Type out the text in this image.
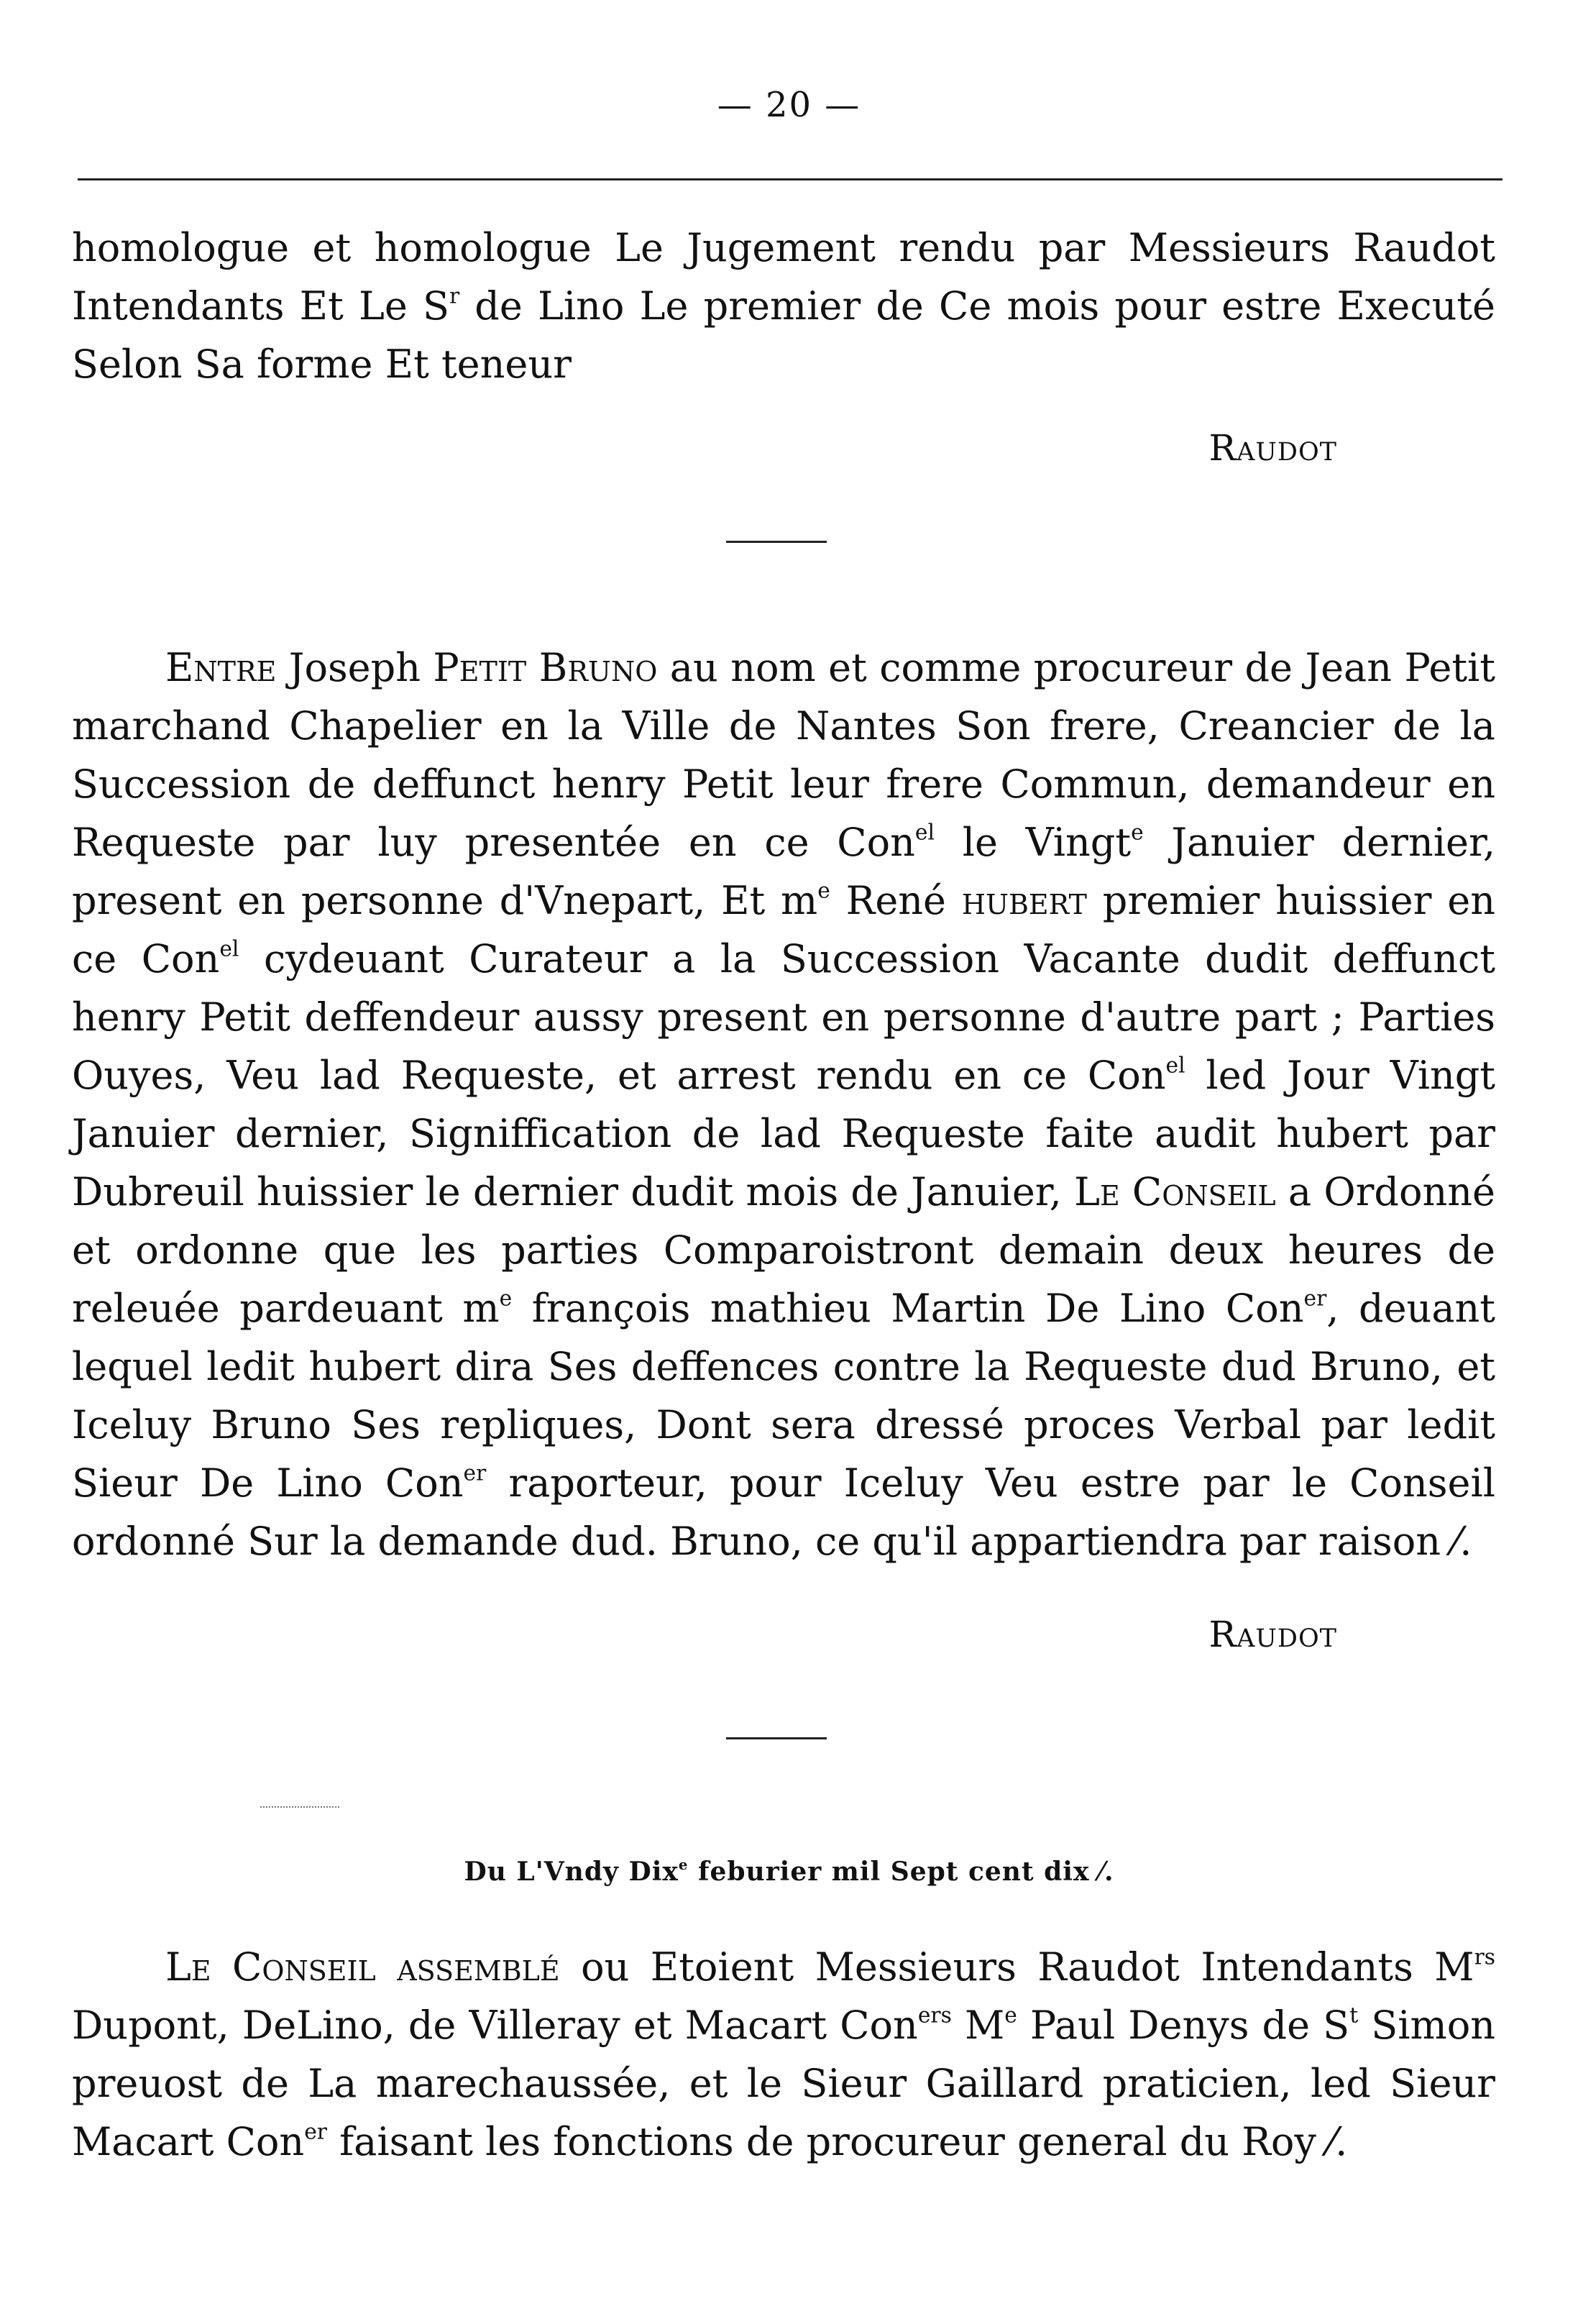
— 20 —
homologue et homologue Le Jugement rendu par Messieurs Raudot Intendants Et Le $S^r$ de Lino Le premier de Ce mois pour estre Executé Selon Sa forme Et teneur
Raudot
Entre Joseph Petit Bruno au nom et comme procureur de Jean Petit marchand Chapelier en la Ville de Nantes Son frere, Creancier de la Succession de deffunct henry Petit leur frere Commun, demandeur en Requeste par luy presentée en ce Con$^{el}$ le Vingt$^e$ Januier dernier, present en personne d'Vnepart, Et $m^e$ René hubert premier huissier en ce Con$^{el}$ cydeuant Curateur a la Succession Vacante dudit deffunct henry Petit deffendeur aussy present en personne d'autre part ; Parties Ouyes, Veu lad Requeste, et arrest rendu en ce Con$^{el}$ led Jour Vingt Januier dernier, Signiffication de lad Requeste faite audit hubert par Dubreuil huissier le dernier dudit mois de Januier, Le Conseil a Ordonné et ordonne que les parties Comparoistront demain deux heures de releuée pardeuant $m^e$ françois mathieu Martin De Lino Con$^{er}$, deuant lequel ledit hubert dira Ses deffences contre la Requeste dud Bruno, et Iceluy Bruno Ses repliques, Dont sera dressé proces Verbal par ledit Sieur De Lino Con$^{er}$ raporteur, pour Iceluy Veu estre par le Conseil ordonné Sur la demande dud. Bruno, ce qu'il appartiendra par raison ⁄.
Raudot
Du L'Vndy Dix$^e$ feburier mil Sept cent dix ⁄.
Le Conseil assemblé ou Etoient Messieurs Raudot Intendants $M^{rs}$ Dupont, DeLino, de Villeray et Macart Con$^{ers}$ Me Paul Denys de $S^t$ Simon preuost de La marechaussée, et le Sieur Gaillard praticien, led Sieur Macart Con$^{er}$ faisant les fonctions de procureur general du Roy ⁄.
